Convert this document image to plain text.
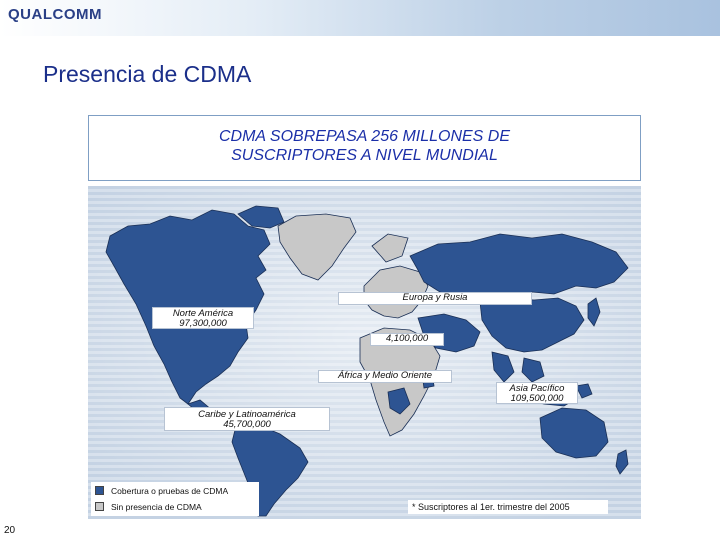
QUALCOMM
Presencia de CDMA
CDMA SOBREPASA 256 MILLONES DE
SUSCRIPTORES A NIVEL MUNDIAL
Europa y Rusia
Norte América
97,300,000
4,100,000
África y Medio Oriente
Asia Pacífico
109,500,000
Caribe y Latinoamérica
45,700,000
Cobertura o pruebas de CDMA
Sin presencia de CDMA	* Suscriptores al 1er. trimestre del 2005
20
